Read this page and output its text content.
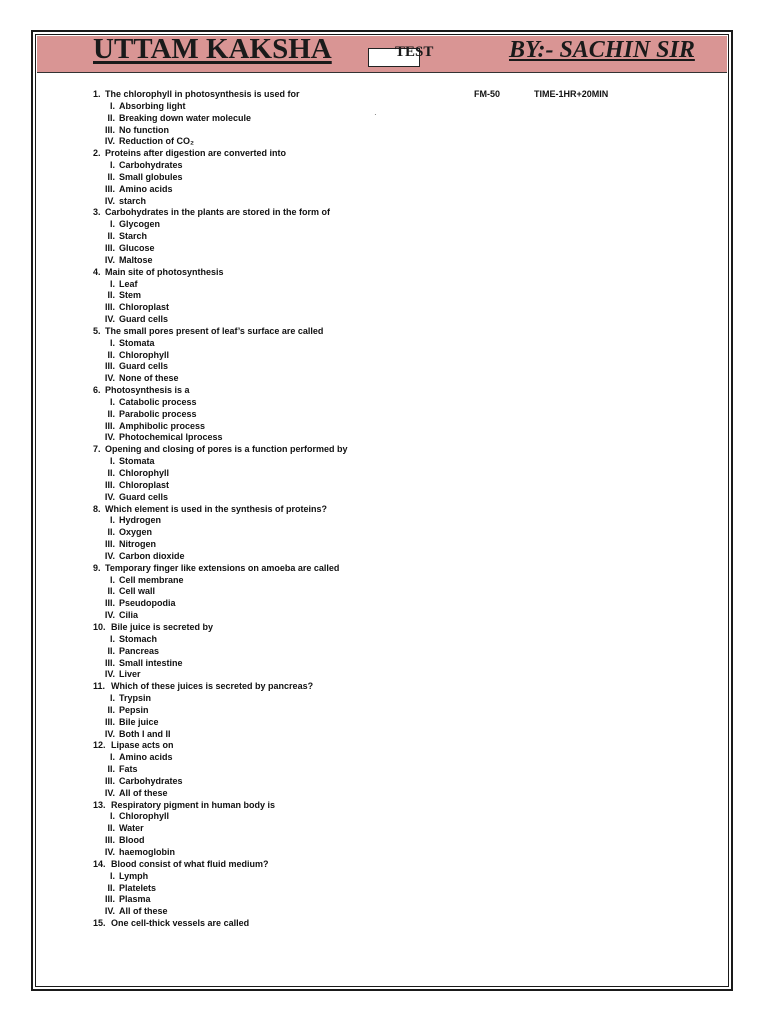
UTTAM KAKSHA	TEST	BY:- SACHIN SIR
FM-50	TIME-1HR+20MIN
·
1. The chlorophyll in photosynthesis is used for
I. Absorbing light
II. Breaking down water molecule
III. No function
IV. Reduction of CO₂
2. Proteins after digestion are converted into
I. Carbohydrates
II. Small globules
III. Amino acids
IV. starch
3. Carbohydrates in the plants are stored in the form of
I. Glycogen
II. Starch
III. Glucose
IV. Maltose
4. Main site of photosynthesis
I. Leaf
II. Stem
III. Chloroplast
IV. Guard cells
5. The small pores present of leaf’s surface are called
I. Stomata
II. Chlorophyll
III. Guard cells
IV. None of these
6. Photosynthesis is a
I. Catabolic process
II. Parabolic process
III. Amphibolic process
IV. Photochemical lprocess
7. Opening and closing of pores is a function performed by
I. Stomata
II. Chlorophyll
III. Chloroplast
IV. Guard cells
8. Which element is used in the synthesis of proteins?
I. Hydrogen
II. Oxygen
III. Nitrogen
IV. Carbon dioxide
9. Temporary finger like extensions on amoeba are called
I. Cell membrane
II. Cell wall
III. Pseudopodia
IV. Cilia
10. Bile juice is secreted by
I. Stomach
II. Pancreas
III. Small intestine
IV. Liver
11. Which of these juices is secreted by pancreas?
I. Trypsin
II. Pepsin
III. Bile juice
IV. Both I and II
12. Lipase acts on
I. Amino acids
II. Fats
III. Carbohydrates
IV. All of these
13. Respiratory pigment in human body is
I. Chlorophyll
II. Water
III. Blood
IV. haemoglobin
14. Blood consist of what fluid medium?
I. Lymph
II. Platelets
III. Plasma
IV. All of these
15. One cell-thick vessels are called
